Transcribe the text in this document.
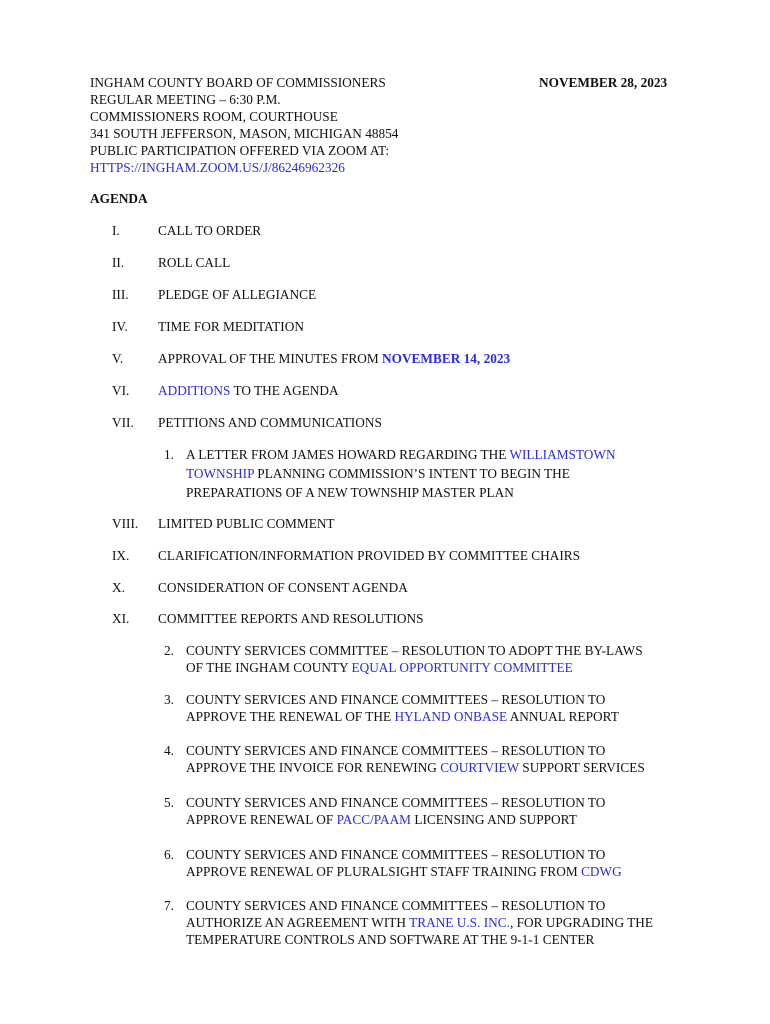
INGHAM COUNTY BOARD OF COMMISSIONERS
REGULAR MEETING – 6:30 P.M.
COMMISSIONERS ROOM, COURTHOUSE
341 SOUTH JEFFERSON, MASON, MICHIGAN 48854
PUBLIC PARTICIPATION OFFERED VIA ZOOM AT:
HTTPS://INGHAM.ZOOM.US/J/86246962326
NOVEMBER 28, 2023
AGENDA
I.	CALL TO ORDER
II.	ROLL CALL
III. PLEDGE OF ALLEGIANCE
IV. TIME FOR MEDITATION
V.	APPROVAL OF THE MINUTES FROM NOVEMBER 14, 2023
VI. ADDITIONS TO THE AGENDA
VII. PETITIONS AND COMMUNICATIONS
1. A LETTER FROM JAMES HOWARD REGARDING THE WILLIAMSTOWN
TOWNSHIP PLANNING COMMISSION’S INTENT TO BEGIN THE
PREPARATIONS OF A NEW TOWNSHIP MASTER PLAN
VIII. LIMITED PUBLIC COMMENT
IX. CLARIFICATION/INFORMATION PROVIDED BY COMMITTEE CHAIRS
X. CONSIDERATION OF CONSENT AGENDA
XI. COMMITTEE REPORTS AND RESOLUTIONS
2. COUNTY SERVICES COMMITTEE – RESOLUTION TO ADOPT THE BY-LAWS
OF THE INGHAM COUNTY EQUAL OPPORTUNITY COMMITTEE
3. COUNTY SERVICES AND FINANCE COMMITTEES – RESOLUTION TO
APPROVE THE RENEWAL OF THE HYLAND ONBASE ANNUAL REPORT
4. COUNTY SERVICES AND FINANCE COMMITTEES – RESOLUTION TO
APPROVE THE INVOICE FOR RENEWING COURTVIEW SUPPORT SERVICES
5. COUNTY SERVICES AND FINANCE COMMITTEES – RESOLUTION TO
APPROVE RENEWAL OF PACC/PAAM LICENSING AND SUPPORT
6. COUNTY SERVICES AND FINANCE COMMITTEES – RESOLUTION TO
APPROVE RENEWAL OF PLURALSIGHT STAFF TRAINING FROM CDWG
7. COUNTY SERVICES AND FINANCE COMMITTEES – RESOLUTION TO
AUTHORIZE AN AGREEMENT WITH TRANE U.S. INC., FOR UPGRADING THE
TEMPERATURE CONTROLS AND SOFTWARE AT THE 9-1-1 CENTER
